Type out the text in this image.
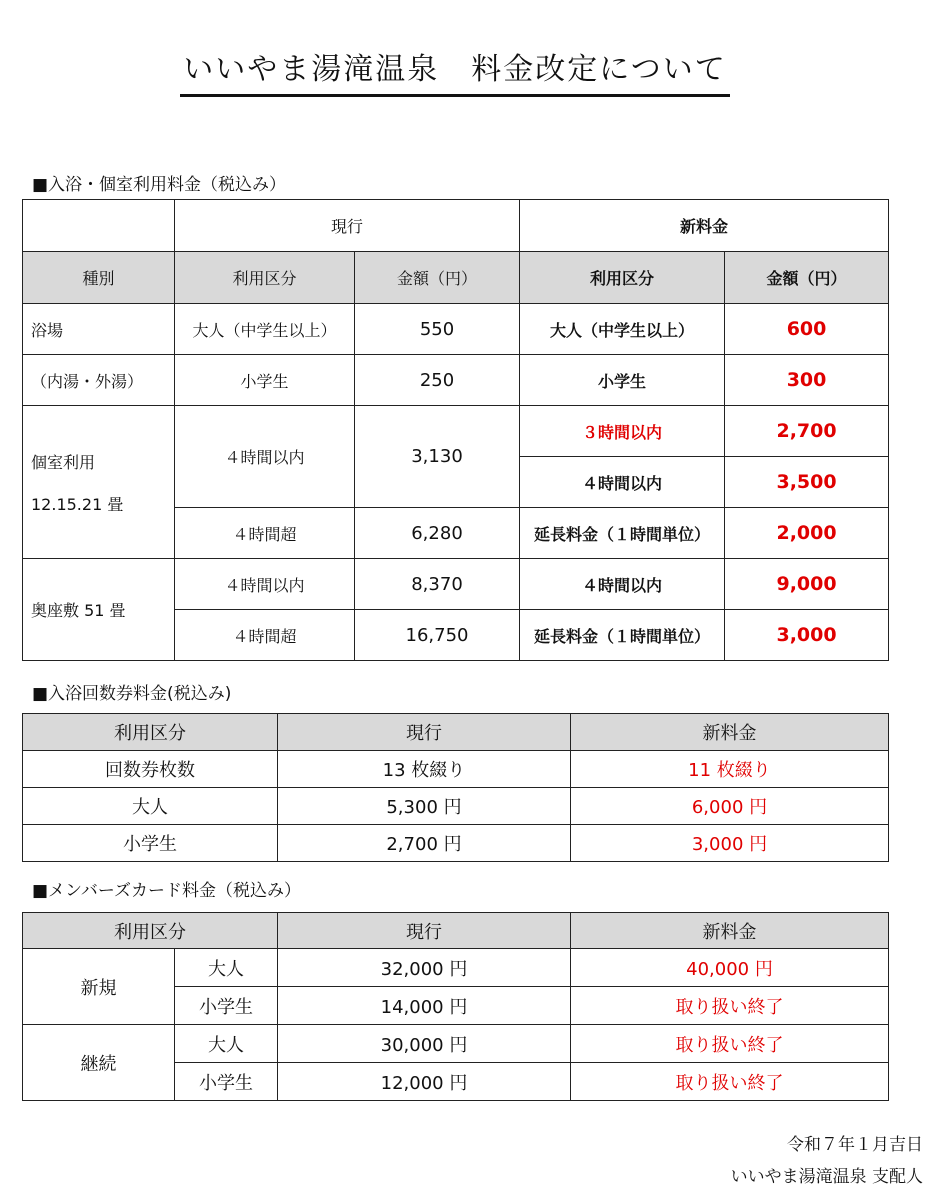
いいやま湯滝温泉　料金改定について

■入浴・個室利用料金（税込み）

	現行		新料金	
種別	利用区分	金額（円）	利用区分	金額（円）
浴場	大人（中学生以上）	550	大人（中学生以上）	600
（内湯・外湯）	小学生	250	小学生	300
個室利用

12.15.21 畳	４時間以内	3,130	３時間以内	2,700
			４時間以内	3,500
	４時間超	6,280	延長料金（１時間単位）	2,000
奥座敷 51 畳	４時間以内	8,370	４時間以内	9,000
	４時間超	16,750	延長料金（１時間単位）	3,000

■入浴回数券料金(税込み)

利用区分	現行	新料金
回数券枚数	13 枚綴り	11 枚綴り
大人	5,300 円	6,000 円
小学生	2,700 円	3,000 円

■メンバーズカード料金（税込み）

利用区分		現行	新料金
新規	大人	32,000 円	40,000 円
	小学生	14,000 円	取り扱い終了
継続	大人	30,000 円	取り扱い終了
	小学生	12,000 円	取り扱い終了

令和７年１月吉日

いいやま湯滝温泉 支配人
